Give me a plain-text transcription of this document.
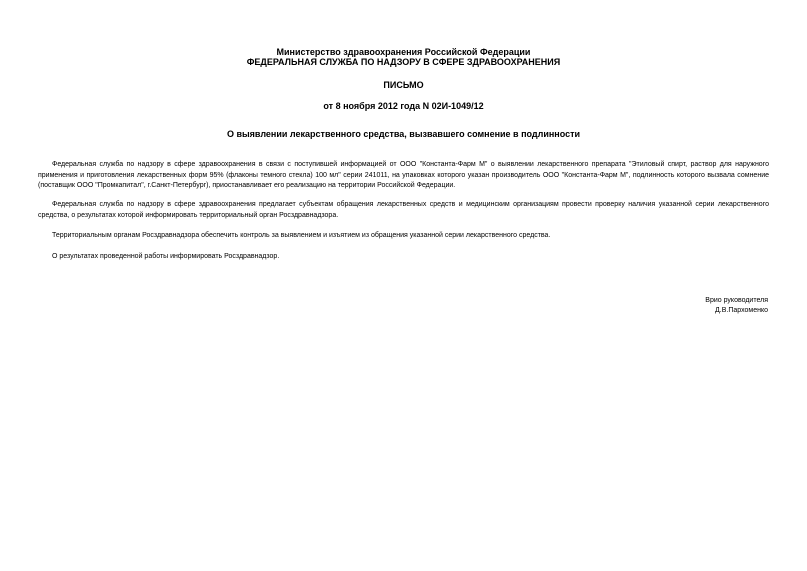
Министерство здравоохранения Российской Федерации
ФЕДЕРАЛЬНАЯ СЛУЖБА ПО НАДЗОРУ В СФЕРЕ ЗДРАВООХРАНЕНИЯ
ПИСЬМО
от 8 ноября 2012 года N 02И-1049/12
О выявлении лекарственного средства, вызвавшего сомнение в подлинности
Федеральная служба по надзору в сфере здравоохранения в связи с поступившей информацией от ООО "Константа-Фарм М" о выявлении лекарственного препарата "Этиловый спирт, раствор для наружного применения и приготовления лекарственных форм 95% (флаконы темного стекла) 100 мл" серии 241011, на упаковках которого указан производитель ООО "Константа-Фарм М", подлинность которого вызвала сомнение (поставщик ООО "Промкапитал", г.Санкт-Петербург), приостанавливает его реализацию на территории Российской Федерации.
Федеральная служба по надзору в сфере здравоохранения предлагает субъектам обращения лекарственных средств и медицинским организациям провести проверку наличия указанной серии лекарственного средства, о результатах которой информировать территориальный орган Росздравнадзора.
Территориальным органам Росздравнадзора обеспечить контроль за выявлением и изъятием из обращения указанной серии лекарственного средства.
О результатах проведенной работы информировать Росздравнадзор.
Врио руководителя
Д.В.Пархоменко
